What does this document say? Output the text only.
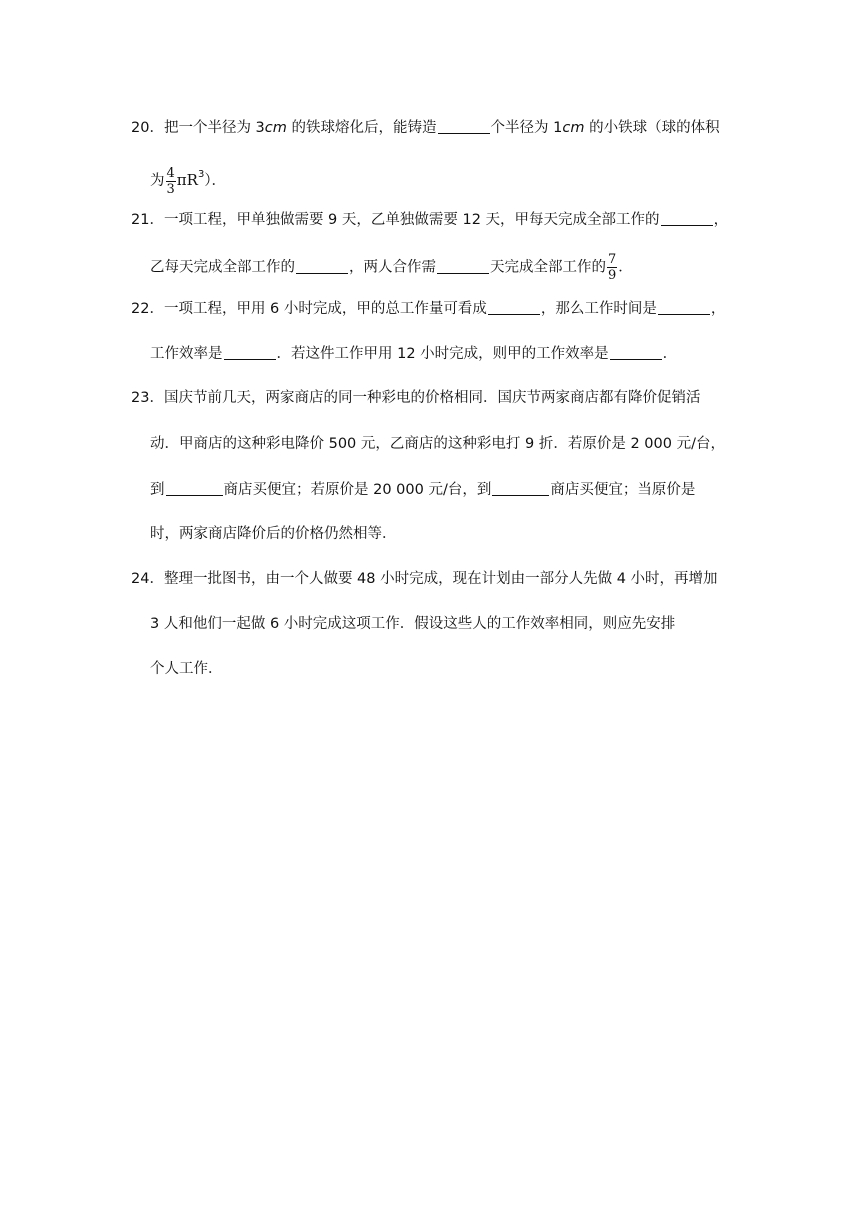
20．把一个半径为 3cm 的铁球熔化后，能铸造	个半径为 1cm 的小铁球（球的体积
为 $\frac{4}{3} \pi R^3$）．
21．一项工程，甲单独做需要 9 天，乙单独做需要 12 天，甲每天完成全部工作的	，
乙每天完成全部工作的	，两人合作需	天完成全部工作的 $\frac{7}{9}$ ．
22．一项工程，甲用 6 小时完成，甲的总工作量可看成	，那么工作时间是	，
工作效率是	．若这件工作甲用 12 小时完成，则甲的工作效率是	．
23．国庆节前几天，两家商店的同一种彩电的价格相同．国庆节两家商店都有降价促销活
动．甲商店的这种彩电降价 500 元，乙商店的这种彩电打 9 折．若原价是 2 000 元/台，
到	商店买便宜；若原价是 20 000 元/台，到	商店买便宜；当原价是
时，两家商店降价后的价格仍然相等．
24．整理一批图书，由一个人做要 48 小时完成，现在计划由一部分人先做 4 小时，再增加
3 人和他们一起做 6 小时完成这项工作．假设这些人的工作效率相同，则应先安排
个人工作．
